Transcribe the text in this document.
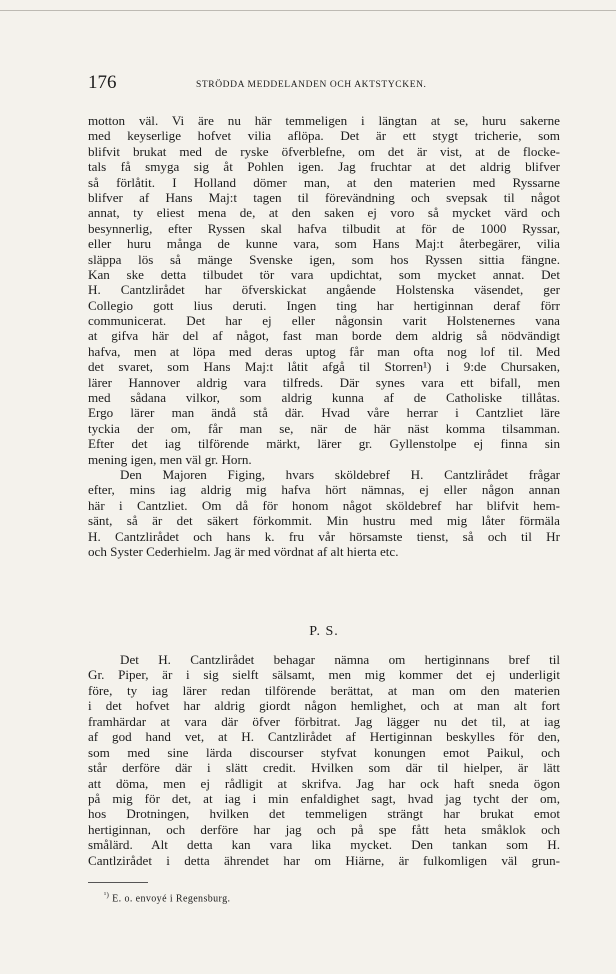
176	STRÖDDA MEDDELANDEN OCH AKTSTYCKEN.
motton väl. Vi äre nu här temmeligen i längtan at se, huru sakerne
med keyserlige hofvet vilia aflöpa. Det är ett stygt tricherie, som
blifvit brukat med de ryske öfverblefne, om det är vist, at de flocke-
tals få smyga sig åt Pohlen igen. Jag fruchtar at det aldrig blifver
så förlåtit. I Holland dömer man, at den materien med Ryssarne
blifver af Hans Maj:t tagen til förevändning och svepsak til något
annat, ty eliest mena de, at den saken ej voro så mycket värd och
besynnerlig, efter Ryssen skal hafva tilbudit at för de 1000 Ryssar,
eller huru många de kunne vara, som Hans Maj:t återbegärer, vilia
släppa lös så mänge Svenske igen, som hos Ryssen sittia fängne.
Kan ske detta tilbudet tör vara updichtat, som mycket annat. Det
H. Cantzlirådet har öfverskickat angående Holstenska väsendet, ger
Collegio gott lius deruti. Ingen ting har hertiginnan deraf förr
communicerat. Det har ej eller någonsin varit Holstenernes vana
at gifva här del af något, fast man borde dem aldrig så nödvändigt
hafva, men at löpa med deras uptog får man ofta nog lof til. Med
det svaret, som Hans Maj:t låtit afgå til Storren¹) i 9:de Chursaken,
lärer Hannover aldrig vara tilfreds. Där synes vara ett bifall, men
med sådana vilkor, som aldrig kunna af de Catholiske tillåtas.
Ergo lärer man ändå stå där. Hvad våre herrar i Cantzliet läre
tyckia der om, får man se, när de här näst komma tilsamman.
Efter det iag tilförende märkt, lärer gr. Gyllenstolpe ej finna sin
mening igen, men väl gr. Horn.
Den Majoren Figing, hvars sköldebref H. Cantzlirådet frågar
efter, mins iag aldrig mig hafva hört nämnas, ej eller någon annan
här i Cantzliet. Om då för honom något sköldebref har blifvit hem-
sänt, så är det säkert förkommit. Min hustru med mig låter förmäla
H. Cantzlirådet och hans k. fru vår hörsamste tienst, så och til Hr
och Syster Cederhielm. Jag är med vördnat af alt hierta etc.
P. S.
Det H. Cantzlirådet behagar nämna om hertiginnans bref til
Gr. Piper, är i sig sielft sälsamt, men mig kommer det ej underligit
före, ty iag lärer redan tilförende berättat, at man om den materien
i det hofvet har aldrig giordt någon hemlighet, och at man alt fort
framhärdar at vara där öfver förbitrat. Jag lägger nu det til, at iag
af god hand vet, at H. Cantzlirådet af Hertiginnan beskylles för den,
som med sine lärda discourser styfvat konungen emot Paikul, och
står derföre där i slätt credit. Hvilken som där til hielper, är lätt
att döma, men ej rådligit at skrifva. Jag har ock haft sneda ögon
på mig för det, at iag i min enfaldighet sagt, hvad jag tycht der om,
hos Drotningen, hvilken det temmeligen strängt har brukat emot
hertiginnan, och derföre har jag och på spe fått heta småklok och
smålärd. Alt detta kan vara lika mycket. Den tankan som H.
Cantlzirådet i detta ährendet har om Hiärne, är fulkomligen väl grun-
$^{^1)}$ E. o. envoyé i Regensburg.
